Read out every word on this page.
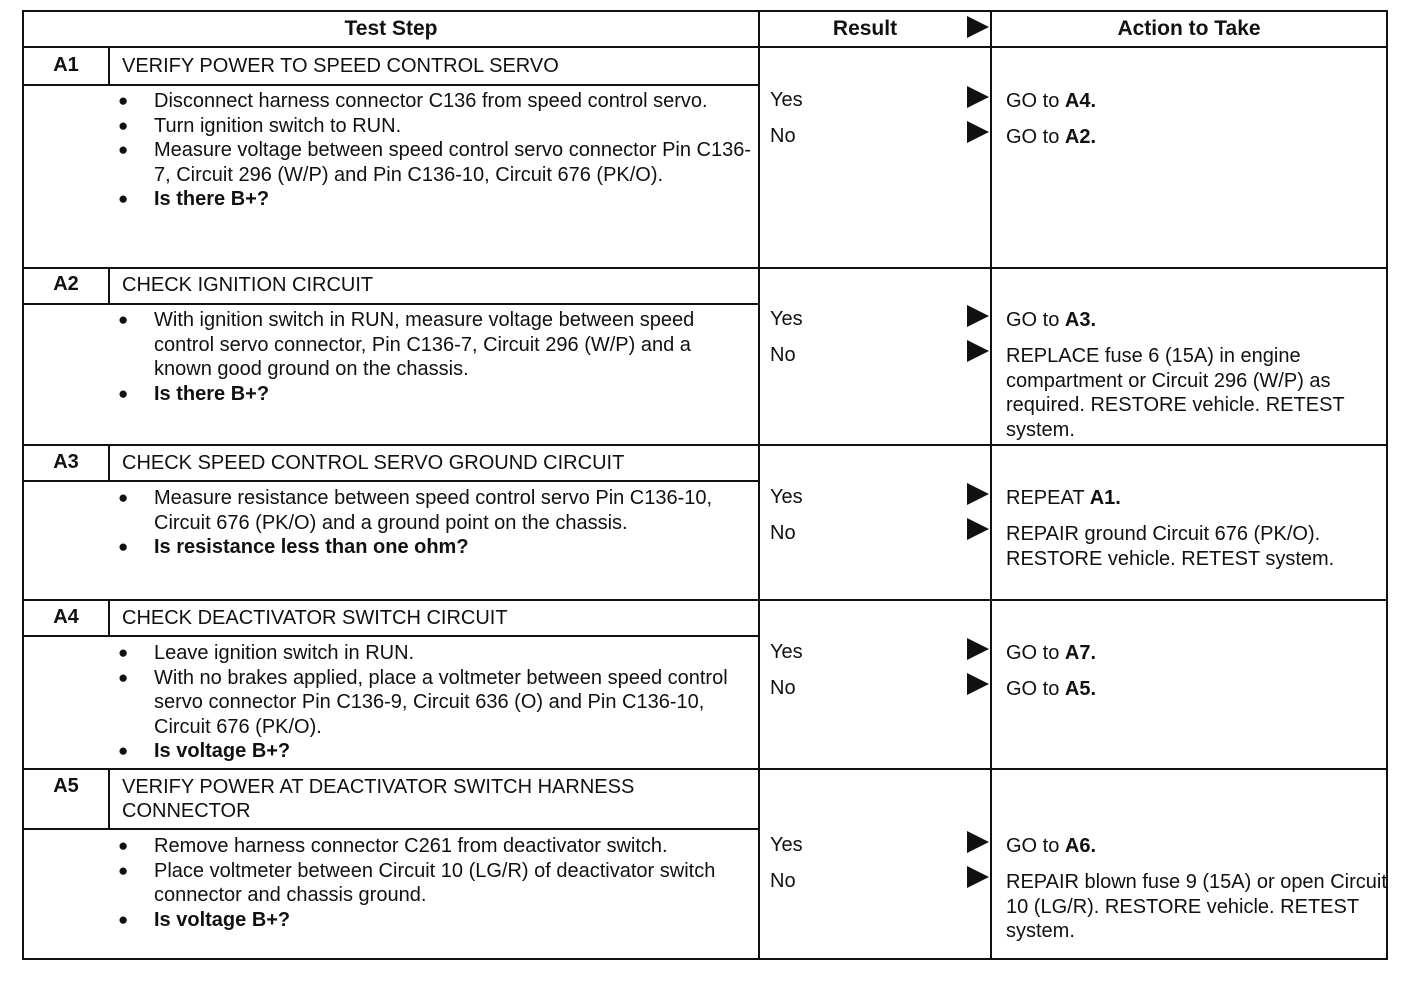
Test Step	Result	Action to Take
A1	VERIFY POWER TO SPEED CONTROL SERVO
● Disconnect harness connector C136 from speed control servo.
● Turn ignition switch to RUN.
● Measure voltage between speed control servo connector Pin C136-7, Circuit 296 (W/P) and Pin C136-10, Circuit 676 (PK/O).
● Is there B+?
Yes	GO to A4.
No	GO to A2.
A2	CHECK IGNITION CIRCUIT
● With ignition switch in RUN, measure voltage between speed control servo connector, Pin C136-7, Circuit 296 (W/P) and a known good ground on the chassis.
● Is there B+?
Yes	GO to A3.
No	REPLACE fuse 6 (15A) in engine compartment or Circuit 296 (W/P) as required. RESTORE vehicle. RETEST system.
A3	CHECK SPEED CONTROL SERVO GROUND CIRCUIT
● Measure resistance between speed control servo Pin C136-10, Circuit 676 (PK/O) and a ground point on the chassis.
● Is resistance less than one ohm?
Yes	REPEAT A1.
No	REPAIR ground Circuit 676 (PK/O). RESTORE vehicle. RETEST system.
A4	CHECK DEACTIVATOR SWITCH CIRCUIT
● Leave ignition switch in RUN.
● With no brakes applied, place a voltmeter between speed control servo connector Pin C136-9, Circuit 636 (O) and Pin C136-10, Circuit 676 (PK/O).
● Is voltage B+?
Yes	GO to A7.
No	GO to A5.
A5	VERIFY POWER AT DEACTIVATOR SWITCH HARNESS CONNECTOR
● Remove harness connector C261 from deactivator switch.
● Place voltmeter between Circuit 10 (LG/R) of deactivator switch connector and chassis ground.
● Is voltage B+?
Yes	GO to A6.
No	REPAIR blown fuse 9 (15A) or open Circuit 10 (LG/R). RESTORE vehicle. RETEST system.
